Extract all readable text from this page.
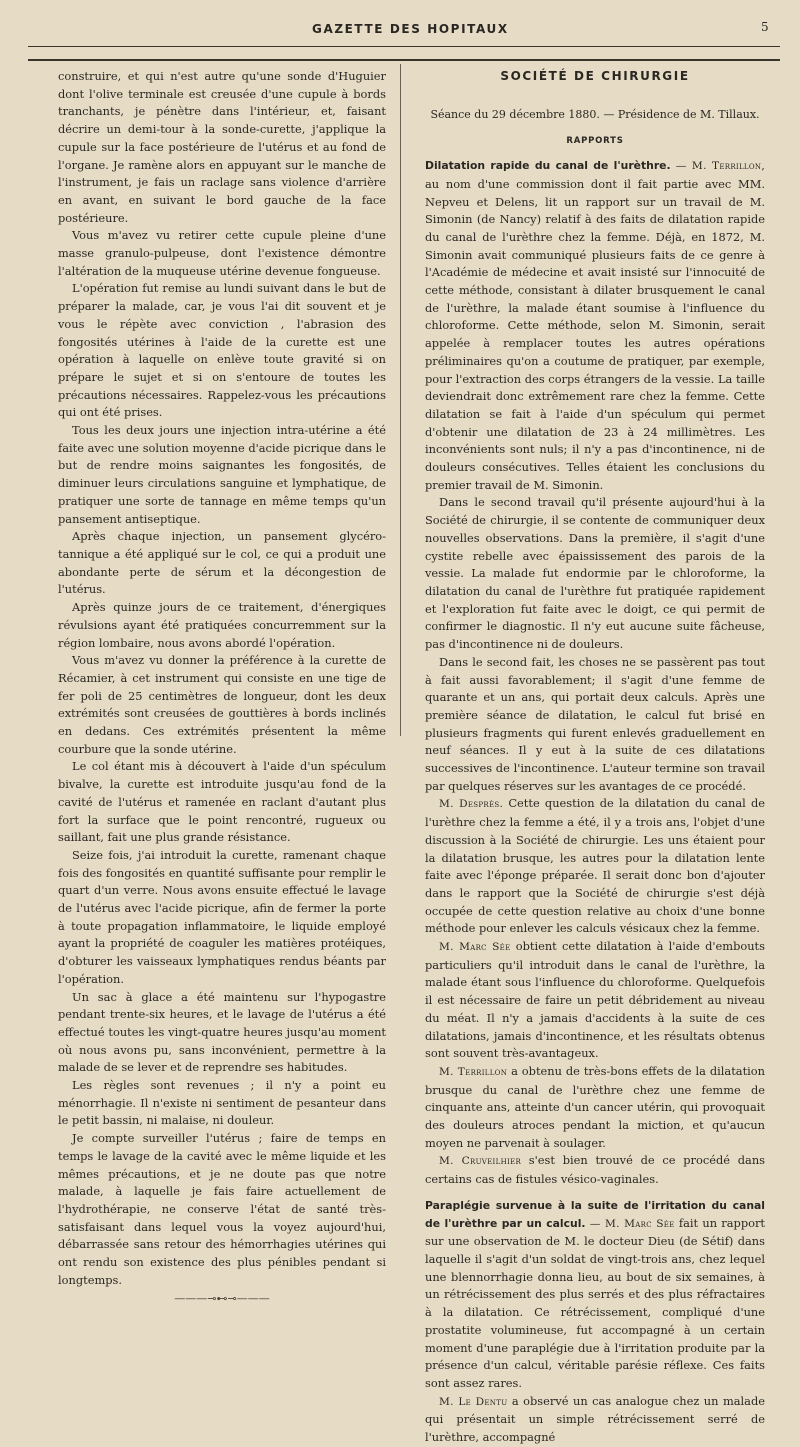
GAZETTE DES HOPITAUX	5

construire, et qui n'est autre qu'une sonde d'Huguier dont l'olive terminale est creusée d'une cupule à bords tranchants, je pénètre dans l'intérieur, et, faisant décrire un demi-tour à la sonde-curette, j'applique la cupule sur la face postérieure de l'utérus et au fond de l'organe. Je ramène alors en appuyant sur le manche de l'instrument, je fais un raclage sans violence d'arrière en avant, en suivant le bord gauche de la face postérieure.

Vous m'avez vu retirer cette cupule pleine d'une masse granulo-pulpeuse, dont l'existence démontre l'altération de la muqueuse utérine devenue fongueuse.

L'opération fut remise au lundi suivant dans le but de préparer la malade, car, je vous l'ai dit souvent et je vous le répète avec conviction , l'abrasion des fongosités utérines à l'aide de la curette est une opération à laquelle on enlève toute gravité si on prépare le sujet et si on s'entoure de toutes les précautions nécessaires. Rappelez-vous les précautions qui ont été prises.

Tous les deux jours une injection intra-utérine a été faite avec une solution moyenne d'acide picrique dans le but de rendre moins saignantes les fongosités, de diminuer leurs circulations sanguine et lymphatique, de pratiquer une sorte de tannage en même temps qu'un pansement antiseptique.

Après chaque injection, un pansement glycéro-tannique a été appliqué sur le col, ce qui a produit une abondante perte de sérum et la décongestion de l'utérus.

Après quinze jours de ce traitement, d'énergiques révulsions ayant été pratiquées concurremment sur la région lombaire, nous avons abordé l'opération.

Vous m'avez vu donner la préférence à la curette de Récamier, à cet instrument qui consiste en une tige de fer poli de 25 centimètres de longueur, dont les deux extrémités sont creusées de gouttières à bords inclinés en dedans. Ces extrémités présentent la même courbure que la sonde utérine.

Le col étant mis à découvert à l'aide d'un spéculum bivalve, la curette est introduite jusqu'au fond de la cavité de l'utérus et ramenée en raclant d'autant plus fort la surface que le point rencontré, rugueux ou saillant, fait une plus grande résistance.

Seize fois, j'ai introduit la curette, ramenant chaque fois des fongosités en quantité suffisante pour remplir le quart d'un verre. Nous avons ensuite effectué le lavage de l'utérus avec l'acide picrique, afin de fermer la porte à toute propagation inflammatoire, le liquide employé ayant la propriété de coaguler les matières protéiques, d'obturer les vaisseaux lymphatiques rendus béants par l'opération.

Un sac à glace a été maintenu sur l'hypogastre pendant trente-six heures, et le lavage de l'utérus a été effectué toutes les vingt-quatre heures jusqu'au moment où nous avons pu, sans inconvénient, permettre à la malade de se lever et de reprendre ses habitudes.

Les règles sont revenues ; il n'y a point eu ménorrhagie. Il n'existe ni sentiment de pesanteur dans le petit bassin, ni malaise, ni douleur.

Je compte surveiller l'utérus ; faire de temps en temps le lavage de la cavité avec le même liquide et les mêmes précautions, et je ne doute pas que notre malade, à laquelle je fais faire actuellement de l'hydrothérapie, ne conserve l'état de santé très-satisfaisant dans lequel vous la voyez aujourd'hui, débarrassée sans retour des hémorrhagies utérines qui ont rendu son existence des plus pénibles pendant si longtemps.

———⊸⊷⊸———
SOCIÉTÉ DE CHIRURGIE
Séance du 29 décembre 1880. — Présidence de M. Tillaux.
RAPPORTS

Dilatation rapide du canal de l'urèthre. — M. Terrillon, au nom d'une commission dont il fait partie avec MM. Nepveu et Delens, lit un rapport sur un travail de M. Simonin (de Nancy) relatif à des faits de dilatation rapide du canal de l'urèthre chez la femme. Déjà, en 1872, M. Simonin avait communiqué plusieurs faits de ce genre à l'Académie de médecine et avait insisté sur l'innocuité de cette méthode, consistant à dilater brusquement le canal de l'urèthre, la malade étant soumise à l'influence du chloroforme. Cette méthode, selon M. Simonin, serait appelée à remplacer toutes les autres opérations préliminaires qu'on a coutume de pratiquer, par exemple, pour l'extraction des corps étrangers de la vessie. La taille deviendrait donc extrêmement rare chez la femme. Cette dilatation se fait à l'aide d'un spéculum qui permet d'obtenir une dilatation de 23 à 24 millimètres. Les inconvénients sont nuls; il n'y a pas d'incontinence, ni de douleurs consécutives. Telles étaient les conclusions du premier travail de M. Simonin.

Dans le second travail qu'il présente aujourd'hui à la Société de chirurgie, il se contente de communiquer deux nouvelles observations. Dans la première, il s'agit d'une cystite rebelle avec épaississement des parois de la vessie. La malade fut endormie par le chloroforme, la dilatation du canal de l'urèthre fut pratiquée rapidement et l'exploration fut faite avec le doigt, ce qui permit de confirmer le diagnostic. Il n'y eut aucune suite fâcheuse, pas d'incontinence ni de douleurs.

Dans le second fait, les choses ne se passèrent pas tout à fait aussi favorablement; il s'agit d'une femme de quarante et un ans, qui portait deux calculs. Après une première séance de dilatation, le calcul fut brisé en plusieurs fragments qui furent enlevés graduellement en neuf séances. Il y eut à la suite de ces dilatations successives de l'incontinence. L'auteur termine son travail par quelques réserves sur les avantages de ce procédé.

M. Desprès. Cette question de la dilatation du canal de l'urèthre chez la femme a été, il y a trois ans, l'objet d'une discussion à la Société de chirurgie. Les uns étaient pour la dilatation brusque, les autres pour la dilatation lente faite avec l'éponge préparée. Il serait donc bon d'ajouter dans le rapport que la Société de chirurgie s'est déjà occupée de cette question relative au choix d'une bonne méthode pour enlever les calculs vésicaux chez la femme.

M. Marc Sée obtient cette dilatation à l'aide d'embouts particuliers qu'il introduit dans le canal de l'urèthre, la malade étant sous l'influence du chloroforme. Quelquefois il est nécessaire de faire un petit débridement au niveau du méat. Il n'y a jamais d'accidents à la suite de ces dilatations, jamais d'incontinence, et les résultats obtenus sont souvent très-avantageux.

M. Terrillon a obtenu de très-bons effets de la dilatation brusque du canal de l'urèthre chez une femme de cinquante ans, atteinte d'un cancer utérin, qui provoquait des douleurs atroces pendant la miction, et qu'aucun moyen ne parvenait à soulager.

M. Cruveilhier s'est bien trouvé de ce procédé dans certains cas de fistules vésico-vaginales.

Paraplégie survenue à la suite de l'irritation du canal de l'urèthre par un calcul. — M. Marc Sée fait un rapport sur une observation de M. le docteur Dieu (de Sétif) dans laquelle il s'agit d'un soldat de vingt-trois ans, chez lequel une blennorrhagie donna lieu, au bout de six semaines, à un rétrécissement des plus serrés et des plus réfractaires à la dilatation. Ce rétrécissement, compliqué d'une prostatite volumineuse, fut accompagné à un certain moment d'une paraplégie due à l'irritation produite par la présence d'un calcul, véritable parésie réflexe. Ces faits sont assez rares.

M. Le Dentu a observé un cas analogue chez un malade qui présentait un simple rétrécissement serré de l'urèthre, accompagné
